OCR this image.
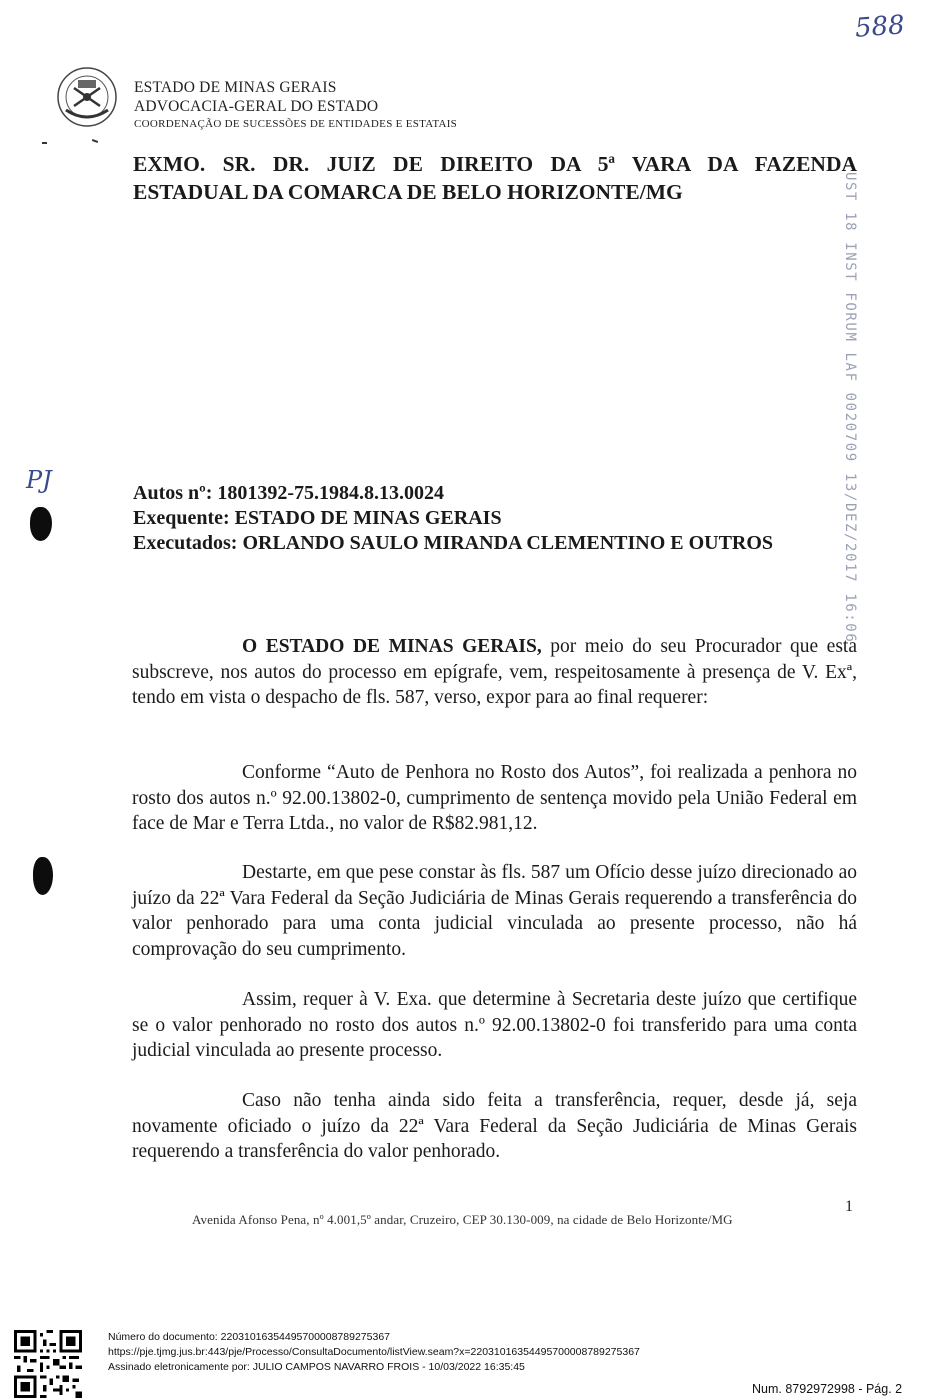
588
ESTADO DE MINAS GERAIS
ADVOCACIA-GERAL DO ESTADO
COORDENAÇÃO DE SUCESSÕES DE ENTIDADES E ESTATAIS
EXMO. SR. DR. JUIZ DE DIREITO DA 5ª VARA DA FAZENDA
ESTADUAL DA COMARCA DE BELO HORIZONTE/MG	UST 18 INST FORUM LAF 0020709 13/DEZ/2017 16:06
PJ	Autos nº: 1801392-75.1984.8.13.0024
Exequente: ESTADO DE MINAS GERAIS
Executados: ORLANDO SAULO MIRANDA CLEMENTINO E OUTROS
O ESTADO DE MINAS GERAIS, por meio do seu Procurador que esta subscreve, nos autos do processo em epígrafe, vem, respeitosamente à presença de V. Exª, tendo em vista o despacho de fls. 587, verso, expor para ao final requerer:
Conforme “Auto de Penhora no Rosto dos Autos”, foi realizada a penhora no rosto dos autos n.º 92.00.13802-0, cumprimento de sentença movido pela União Federal em face de Mar e Terra Ltda., no valor de R$82.981,12.
Destarte, em que pese constar às fls. 587 um Ofício desse juízo direcionado ao juízo da 22ª Vara Federal da Seção Judiciária de Minas Gerais requerendo a transferência do valor penhorado para uma conta judicial vinculada ao presente processo, não há comprovação do seu cumprimento.
Assim, requer à V. Exa. que determine à Secretaria deste juízo que certifique se o valor penhorado no rosto dos autos n.º 92.00.13802-0 foi transferido para uma conta judicial vinculada ao presente processo.
Caso não tenha ainda sido feita a transferência, requer, desde já, seja novamente oficiado o juízo da 22ª Vara Federal da Seção Judiciária de Minas Gerais requerendo a transferência do valor penhorado.
1
Avenida Afonso Pena, nº 4.001,5º andar, Cruzeiro, CEP 30.130-009, na cidade de Belo Horizonte/MG
Número do documento: 22031016354495700008789275367
https://pje.tjmg.jus.br:443/pje/Processo/ConsultaDocumento/listView.seam?x=22031016354495700008789275367
Assinado eletronicamente por: JULIO CAMPOS NAVARRO FROIS - 10/03/2022 16:35:45
Num. 8792972998 - Pág. 2
